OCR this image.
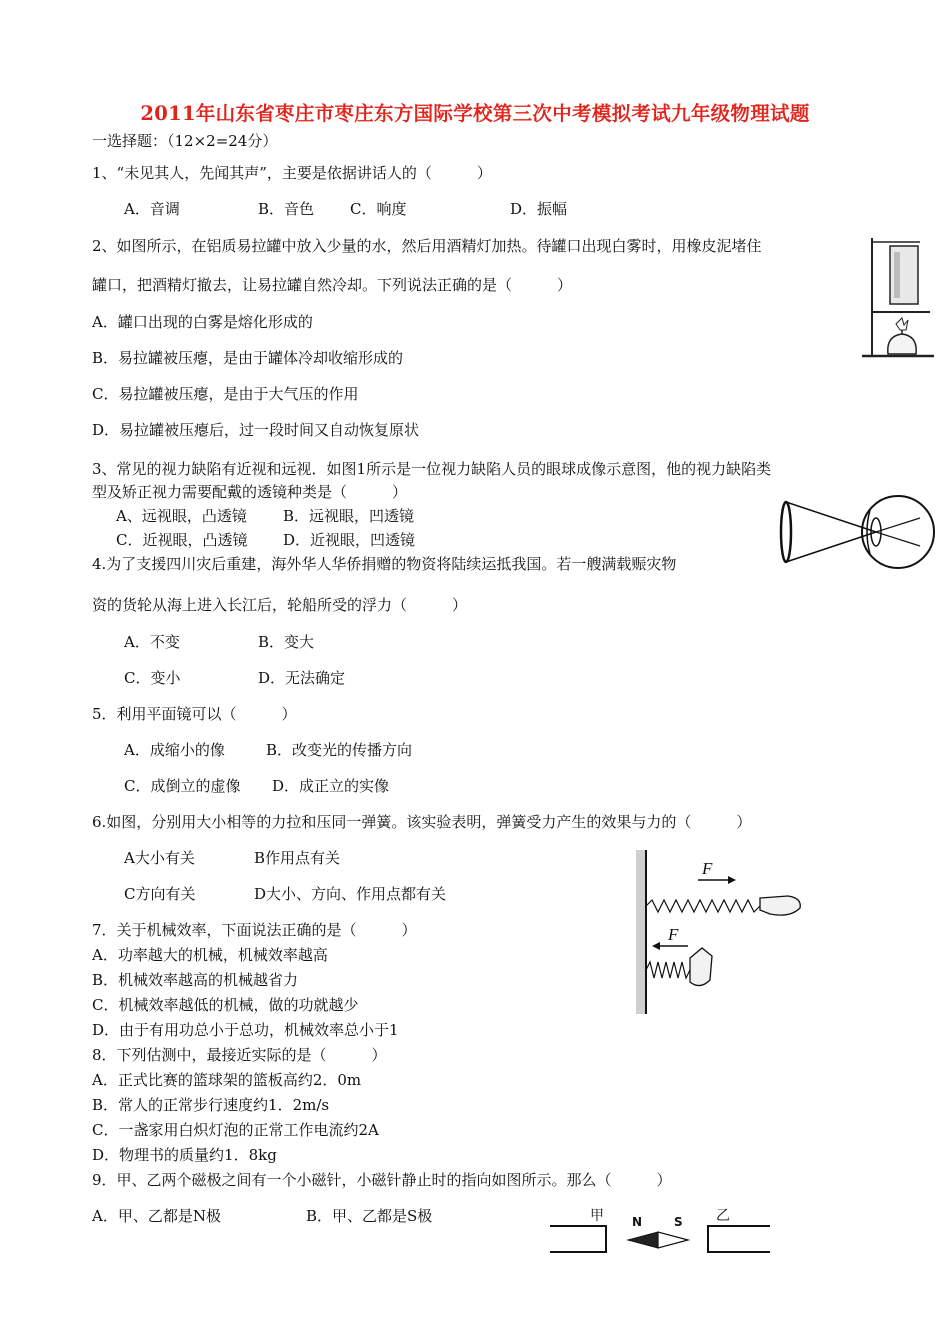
2011年山东省枣庄市枣庄东方国际学校第三次中考模拟考试九年级物理试题
一选择题：（12×2=24分）
1、“未见其人，先闻其声”，主要是依据讲话人的（　　　）
A．音调	B．音色 C．响度	D．振幅
2、如图所示，在铝质易拉罐中放入少量的水，然后用酒精灯加热。待罐口出现白雾时，用橡皮泥堵住
罐口，把酒精灯撤去，让易拉罐自然冷却。下列说法正确的是（　　　）
A．罐口出现的白雾是熔化形成的
B．易拉罐被压瘪，是由于罐体冷却收缩形成的
C．易拉罐被压瘪，是由于大气压的作用
D．易拉罐被压瘪后，过一段时间又自动恢复原状
3、常见的视力缺陷有近视和远视．如图1所示是一位视力缺陷人员的眼球成像示意图，他的视力缺陷类
型及矫正视力需要配戴的透镜种类是（　　　）
A、远视眼，凸透镜 B．远视眼，凹透镜
C．近视眼，凸透镜 D．近视眼，凹透镜
4.为了支援四川灾后重建，海外华人华侨捐赠的物资将陆续运抵我国。若一艘满载赈灾物
资的货轮从海上进入长江后，轮船所受的浮力（　　　）
A．不变	B．变大
C．变小	D．无法确定
5．利用平面镜可以（　　　）
A．成缩小的像	B．改变光的传播方向
C．成倒立的虚像 D．成正立的实像
6.如图，分别用大小相等的力拉和压同一弹簧。该实验表明，弹簧受力产生的效果与力的（　　　）
A大小有关	B作用点有关
C方向有关	D大小、方向、作用点都有关
F
F
7．关于机械效率，下面说法正确的是（　　　）
A．功率越大的机械，机械效率越高
B．机械效率越高的机械越省力
C．机械效率越低的机械，做的功就越少
D．由于有用功总小于总功，机械效率总小于1
8．下列估测中，最接近实际的是（　　　）
A．正式比赛的篮球架的篮板高约2．0m
B．常人的正常步行速度约1．2m/s
C．一盏家用白炽灯泡的正常工作电流约2A
D．物理书的质量约1．8kg
9．甲、乙两个磁极之间有一个小磁针，小磁针静止时的指向如图所示。那么（　　　）
A．甲、乙都是N极	B．甲、乙都是S极	甲	乙
N	S
